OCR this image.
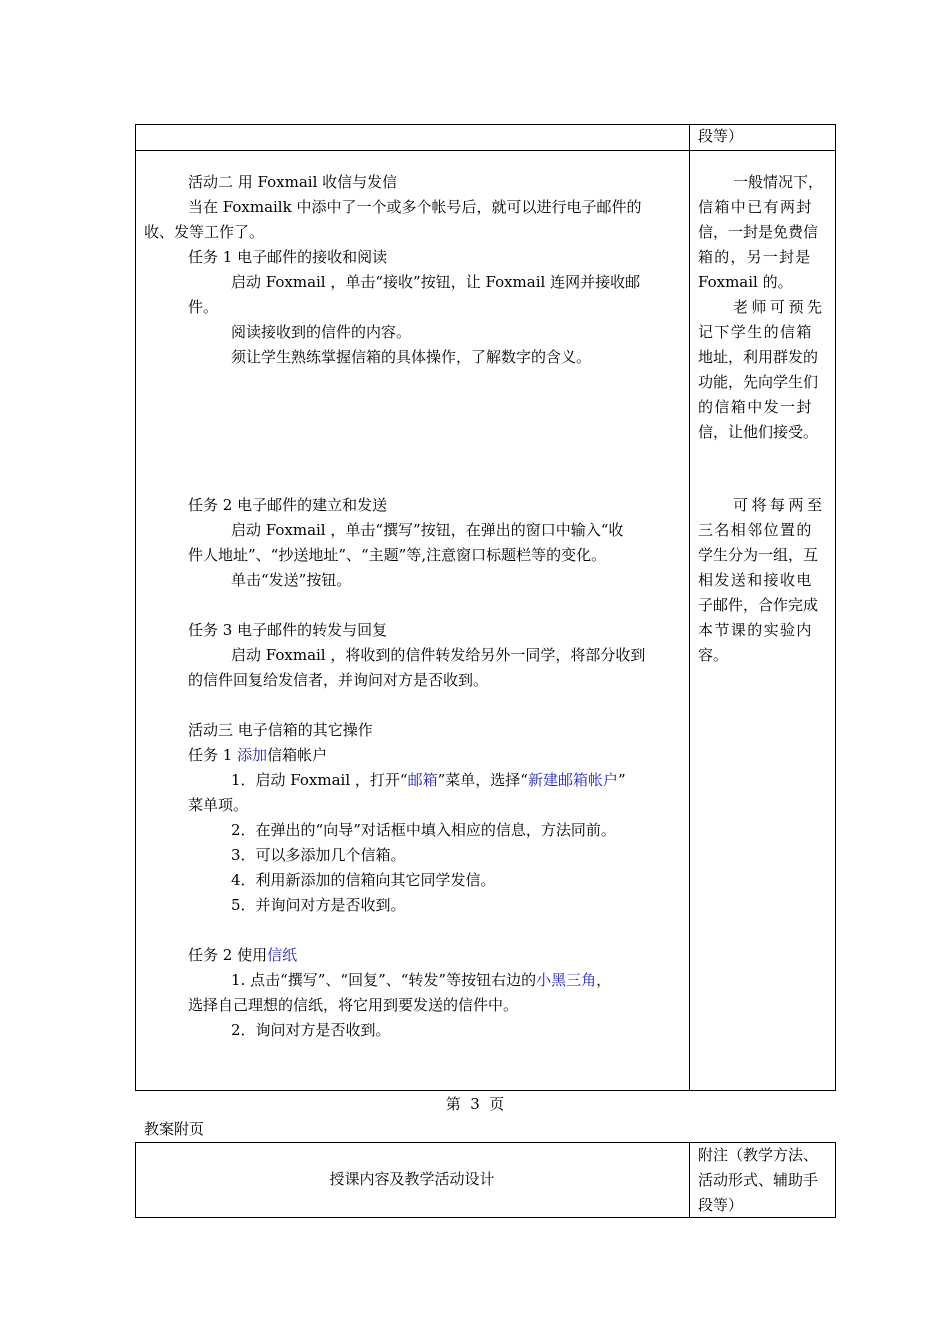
段等）
活动二 用 Foxmail 收信与发信
当在 Foxmailk 中添中了一个或多个帐号后，就可以进行电子邮件的
收、发等工作了。
任务 1 电子邮件的接收和阅读
启动 Foxmail ，单击“接收”按钮，让 Foxmail 连网并接收邮
件。
阅读接收到的信件的内容。
须让学生熟练掌握信箱的具体操作，了解数字的含义。
任务 2 电子邮件的建立和发送
启动 Foxmail ，单击“撰写”按钮，在弹出的窗口中输入“收
件人地址”、“抄送地址”、“主题”等,注意窗口标题栏等的变化。
单击“发送”按钮。
任务 3 电子邮件的转发与回复
启动 Foxmail ，将收到的信件转发给另外一同学，将部分收到
的信件回复给发信者，并询问对方是否收到。
活动三 电子信箱的其它操作
任务 1 添加信箱帐户
1．启动 Foxmail ，打开“邮箱”菜单，选择“新建邮箱帐户”
菜单项。
2．在弹出的“向导”对话框中填入相应的信息，方法同前。
3．可以多添加几个信箱。
4．利用新添加的信箱向其它同学发信。
5．并询问对方是否收到。
任务 2 使用信纸
1. 点击“撰写”、“回复”、“转发”等按钮右边的小黑三角，
选择自己理想的信纸，将它用到要发送的信件中。
2．询问对方是否收到。
一般情况下，
信箱中已有两封
信，一封是免费信
箱的，另一封是
Foxmail 的。
老师可预先
记下学生的信箱
地址，利用群发的
功能，先向学生们
的信箱中发一封
信，让他们接受。
可将每两至
三名相邻位置的
学生分为一组，互
相发送和接收电
子邮件，合作完成
本节课的实验内
容。
第  3  页
教案附页
授课内容及教学活动设计
附注（教学方法、
活动形式、辅助手
段等）
